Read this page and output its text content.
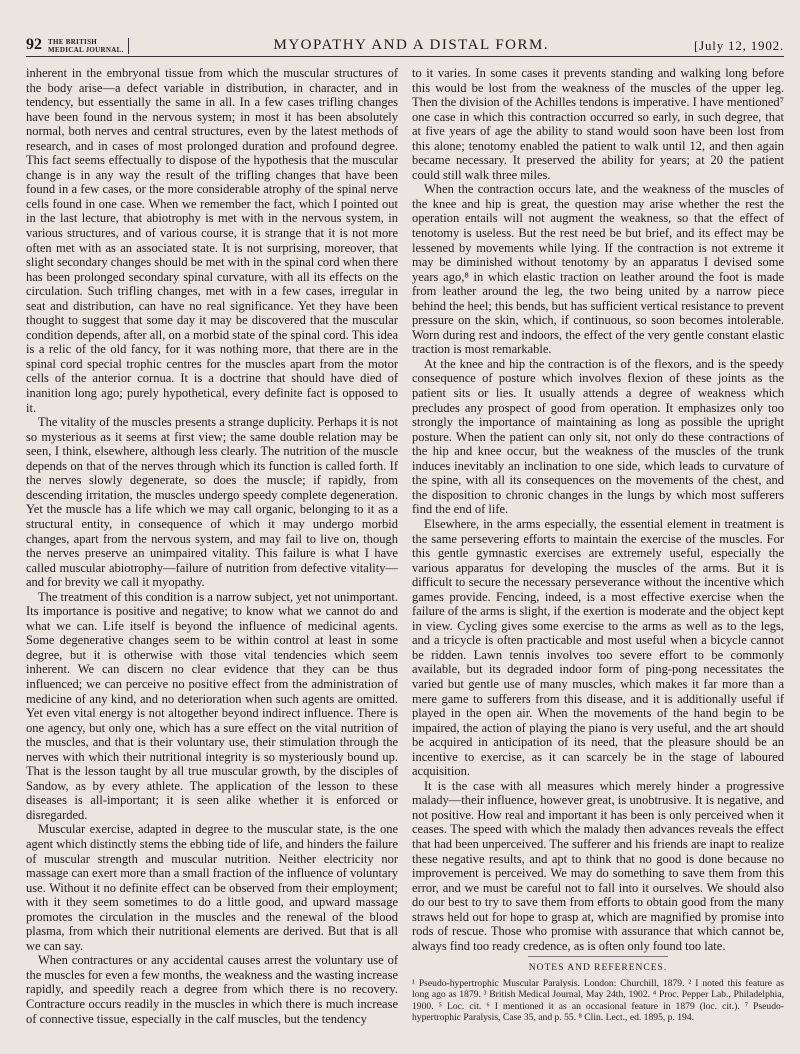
92 THE BRITISH
MEDICAL JOURNAL.	MYOPATHY AND A DISTAL FORM.	[July 12, 1902.

inherent in the embryonal tissue from which the muscular structures of the body arise—a defect variable in distribution, in character, and in tendency, but essentially the same in all. In a few cases trifling changes have been found in the nervous system; in most it has been absolutely normal, both nerves and central structures, even by the latest methods of research, and in cases of most prolonged duration and profound degree. This fact seems effectually to dispose of the hypothesis that the muscular change is in any way the result of the trifling changes that have been found in a few cases, or the more considerable atrophy of the spinal nerve cells found in one case. When we remember the fact, which I pointed out in the last lecture, that abiotrophy is met with in the nervous system, in various structures, and of various course, it is strange that it is not more often met with as an associated state. It is not surprising, moreover, that slight secondary changes should be met with in the spinal cord when there has been prolonged secondary spinal curvature, with all its effects on the circulation. Such trifling changes, met with in a few cases, irregular in seat and distribution, can have no real significance. Yet they have been thought to suggest that some day it may be discovered that the muscular condition depends, after all, on a morbid state of the spinal cord. This idea is a relic of the old fancy, for it was nothing more, that there are in the spinal cord special trophic centres for the muscles apart from the motor cells of the anterior cornua. It is a doctrine that should have died of inanition long ago; purely hypothetical, every definite fact is opposed to it.

The vitality of the muscles presents a strange duplicity. Perhaps it is not so mysterious as it seems at first view; the same double relation may be seen, I think, elsewhere, although less clearly. The nutrition of the muscle depends on that of the nerves through which its function is called forth. If the nerves slowly degenerate, so does the muscle; if rapidly, from descending irritation, the muscles undergo speedy complete degeneration. Yet the muscle has a life which we may call organic, belonging to it as a structural entity, in consequence of which it may undergo morbid changes, apart from the nervous system, and may fail to live on, though the nerves preserve an unimpaired vitality. This failure is what I have called muscular abiotrophy—failure of nutrition from defective vitality—and for brevity we call it myopathy.

The treatment of this condition is a narrow subject, yet not unimportant. Its importance is positive and negative; to know what we cannot do and what we can. Life itself is beyond the influence of medicinal agents. Some degenerative changes seem to be within control at least in some degree, but it is otherwise with those vital tendencies which seem inherent. We can discern no clear evidence that they can be thus influenced; we can perceive no positive effect from the administration of medicine of any kind, and no deterioration when such agents are omitted. Yet even vital energy is not altogether beyond indirect influence. There is one agency, but only one, which has a sure effect on the vital nutrition of the muscles, and that is their voluntary use, their stimulation through the nerves with which their nutritional integrity is so mysteriously bound up. That is the lesson taught by all true muscular growth, by the disciples of Sandow, as by every athlete. The application of the lesson to these diseases is all-important; it is seen alike whether it is enforced or disregarded.

Muscular exercise, adapted in degree to the muscular state, is the one agent which distinctly stems the ebbing tide of life, and hinders the failure of muscular strength and muscular nutrition. Neither electricity nor massage can exert more than a small fraction of the influence of voluntary use. Without it no definite effect can be observed from their employment; with it they seem sometimes to do a little good, and upward massage promotes the circulation in the muscles and the renewal of the blood plasma, from which their nutritional elements are derived. But that is all we can say.

When contractures or any accidental causes arrest the voluntary use of the muscles for even a few months, the weakness and the wasting increase rapidly, and speedily reach a degree from which there is no recovery. Contracture occurs readily in the muscles in which there is much increase of connective tissue, especially in the calf muscles, but the tendency

to it varies. In some cases it prevents standing and walking long before this would be lost from the weakness of the muscles of the upper leg. Then the division of the Achilles tendons is imperative. I have mentioned⁷ one case in which this contraction occurred so early, in such degree, that at five years of age the ability to stand would soon have been lost from this alone; tenotomy enabled the patient to walk until 12, and then again became necessary. It preserved the ability for years; at 20 the patient could still walk three miles.

When the contraction occurs late, and the weakness of the muscles of the knee and hip is great, the question may arise whether the rest the operation entails will not augment the weakness, so that the effect of tenotomy is useless. But the rest need be but brief, and its effect may be lessened by movements while lying. If the contraction is not extreme it may be diminished without tenotomy by an apparatus I devised some years ago,⁸ in which elastic traction on leather around the foot is made from leather around the leg, the two being united by a narrow piece behind the heel; this bends, but has sufficient vertical resistance to prevent pressure on the skin, which, if continuous, so soon becomes intolerable. Worn during rest and indoors, the effect of the very gentle constant elastic traction is most remarkable.

At the knee and hip the contraction is of the flexors, and is the speedy consequence of posture which involves flexion of these joints as the patient sits or lies. It usually attends a degree of weakness which precludes any prospect of good from operation. It emphasizes only too strongly the importance of maintaining as long as possible the upright posture. When the patient can only sit, not only do these contractions of the hip and knee occur, but the weakness of the muscles of the trunk induces inevitably an inclination to one side, which leads to curvature of the spine, with all its consequences on the movements of the chest, and the disposition to chronic changes in the lungs by which most sufferers find the end of life.

Elsewhere, in the arms especially, the essential element in treatment is the same persevering efforts to maintain the exercise of the muscles. For this gentle gymnastic exercises are extremely useful, especially the various apparatus for developing the muscles of the arms. But it is difficult to secure the necessary perseverance without the incentive which games provide. Fencing, indeed, is a most effective exercise when the failure of the arms is slight, if the exertion is moderate and the object kept in view. Cycling gives some exercise to the arms as well as to the legs, and a tricycle is often practicable and most useful when a bicycle cannot be ridden. Lawn tennis involves too severe effort to be commonly available, but its degraded indoor form of ping-pong necessitates the varied but gentle use of many muscles, which makes it far more than a mere game to sufferers from this disease, and it is additionally useful if played in the open air. When the movements of the hand begin to be impaired, the action of playing the piano is very useful, and the art should be acquired in anticipation of its need, that the pleasure should be an incentive to exercise, as it can scarcely be in the stage of laboured acquisition.

It is the case with all measures which merely hinder a progressive malady—their influence, however great, is unobtrusive. It is negative, and not positive. How real and important it has been is only perceived when it ceases. The speed with which the malady then advances reveals the effect that had been unperceived. The sufferer and his friends are inapt to realize these negative results, and apt to think that no good is done because no improvement is perceived. We may do something to save them from this error, and we must be careful not to fall into it ourselves. We should also do our best to try to save them from efforts to obtain good from the many straws held out for hope to grasp at, which are magnified by promise into rods of rescue. Those who promise with assurance that which cannot be, always find too ready credence, as is often only found too late.

NOTES AND REFERENCES.
¹ Pseudo-hypertrophic Muscular Paralysis. London: Churchill, 1879. ² I noted this feature as long ago as 1879. ³ British Medical Journal, May 24th, 1902. ⁴ Proc. Pepper Lab., Philadelphia, 1900. ⁵ Loc. cit. ⁶ I mentioned it as an occasional feature in 1879 (loc. cit.). ⁷ Pseudo-hypertrophic Paralysis, Case 35, and p. 55. ⁸ Clin. Lect., ed. 1895, p. 194.
